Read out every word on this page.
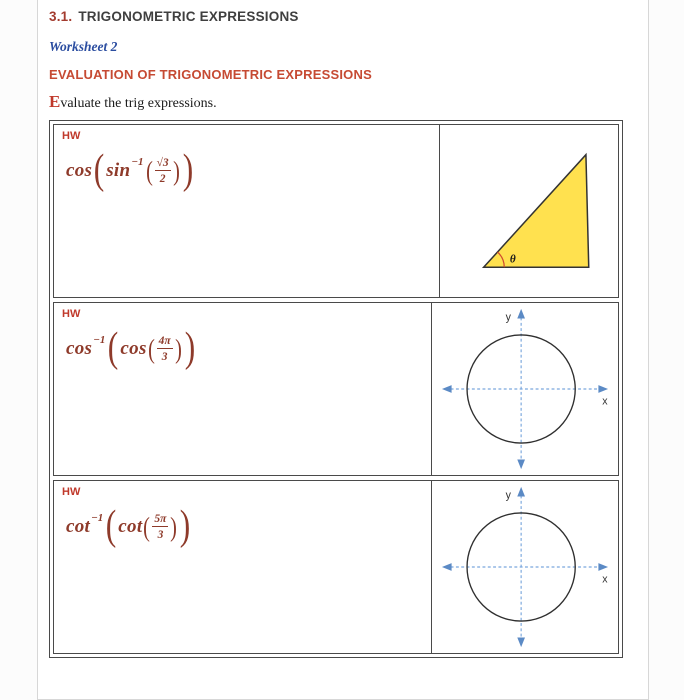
3.1. TRIGONOMETRIC EXPRESSIONS
Worksheet 2
EVALUATION OF TRIGONOMETRIC EXPRESSIONS

Evaluate the trig expressions.

HW
cos ( $\sin^{-1}$ ( $\frac{√3}{2}$ ) )
θ
HW
$\cos^{-1}$ ( cos ( $\frac{4\pi}{3}$ ) )
y
x
HW
$\cot^{-1}$ ( cot ( $\frac{5\pi}{3}$ ) )
y
x
